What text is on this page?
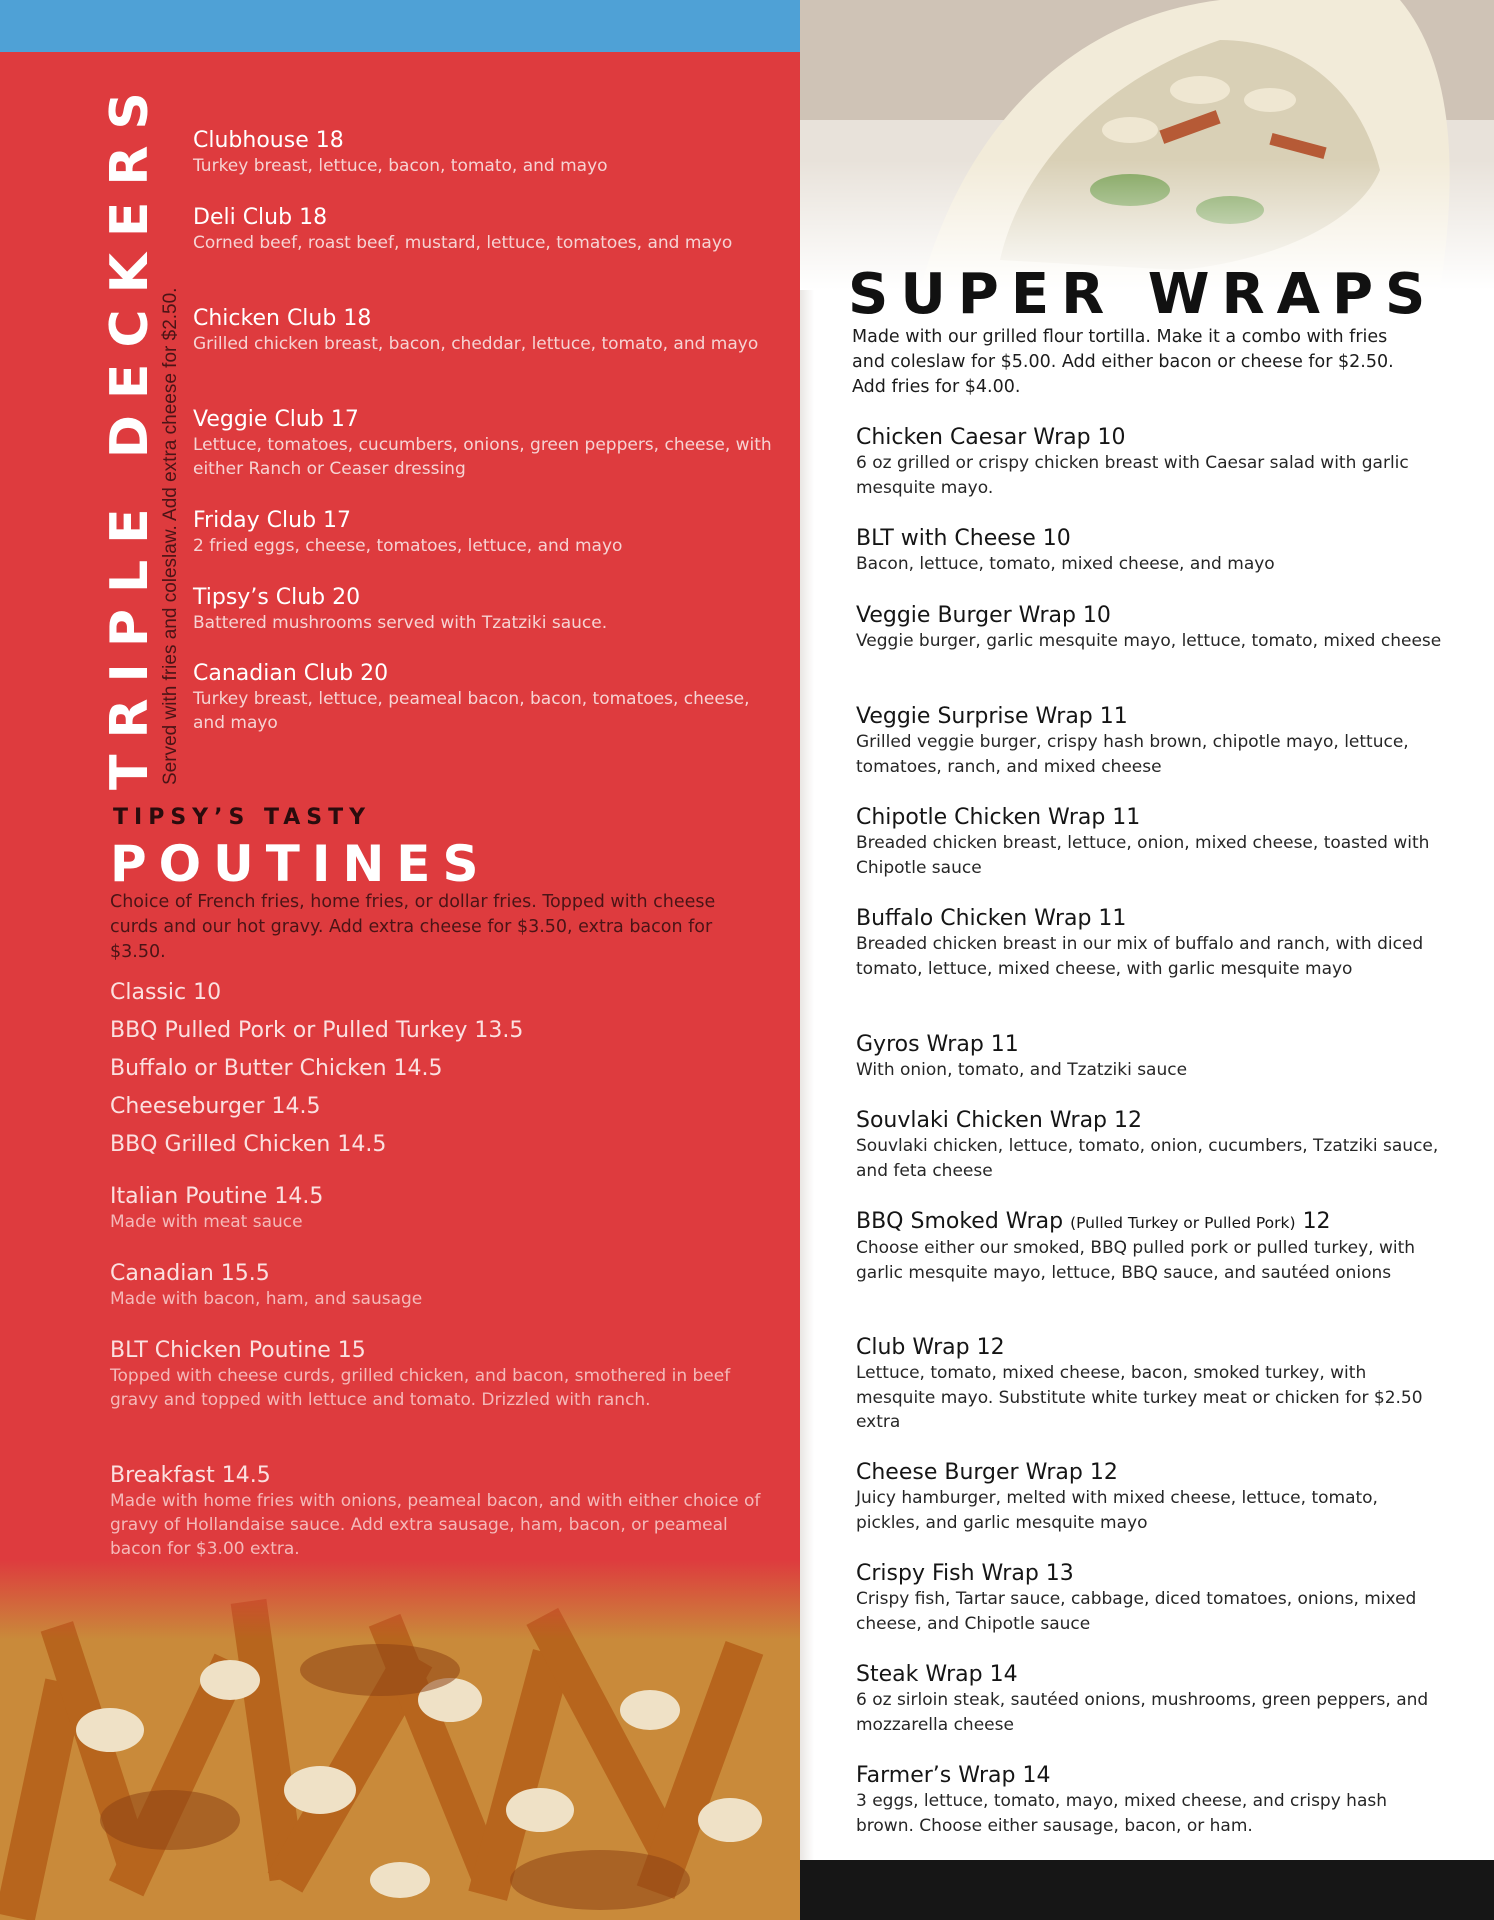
TRIPLE DECKERS Served with fries and coleslaw. Add extra cheese for $2.50.
Clubhouse 18
Turkey breast, lettuce, bacon, tomato, and mayo
Deli Club 18
Corned beef, roast beef, mustard, lettuce, tomatoes, and mayo
Chicken Club 18
Grilled chicken breast, bacon, cheddar, lettuce, tomato, and mayo
Veggie Club 17
Lettuce, tomatoes, cucumbers, onions, green peppers, cheese, with either Ranch or Ceaser dressing
Friday Club 17
2 fried eggs, cheese, tomatoes, lettuce, and mayo
Tipsy’s Club 20
Battered mushrooms served with Tzatziki sauce.
Canadian Club 20
Turkey breast, lettuce, peameal bacon, bacon, tomatoes, cheese, and mayo
TIPSY’S TASTY
POUTINES
Choice of French fries, home fries, or dollar fries. Topped with cheese curds and our hot gravy. Add extra cheese for $3.50, extra bacon for $3.50.
Classic 10
BBQ Pulled Pork or Pulled Turkey 13.5
Buffalo or Butter Chicken 14.5
Cheeseburger 14.5
BBQ Grilled Chicken 14.5
Italian Poutine 14.5
Made with meat sauce
Canadian 15.5
Made with bacon, ham, and sausage
BLT Chicken Poutine 15
Topped with cheese curds, grilled chicken, and bacon, smothered in beef gravy and topped with lettuce and tomato. Drizzled with ranch.
Breakfast 14.5
Made with home fries with onions, peameal bacon, and with either choice of gravy of Hollandaise sauce. Add extra sausage, ham, bacon, or peameal bacon for $3.00 extra.
SUPER WRAPS
Made with our grilled flour tortilla. Make it a combo with fries and coleslaw for $5.00. Add either bacon or cheese for $2.50. Add fries for $4.00.
Chicken Caesar Wrap 10
6 oz grilled or crispy chicken breast with Caesar salad with garlic mesquite mayo.
BLT with Cheese 10
Bacon, lettuce, tomato, mixed cheese, and mayo
Veggie Burger Wrap 10
Veggie burger, garlic mesquite mayo, lettuce, tomato, mixed cheese
Veggie Surprise Wrap 11
Grilled veggie burger, crispy hash brown, chipotle mayo, lettuce, tomatoes, ranch, and mixed cheese
Chipotle Chicken Wrap 11
Breaded chicken breast, lettuce, onion, mixed cheese, toasted with Chipotle sauce
Buffalo Chicken Wrap 11
Breaded chicken breast in our mix of buffalo and ranch, with diced tomato, lettuce, mixed cheese, with garlic mesquite mayo
Gyros Wrap 11
With onion, tomato, and Tzatziki sauce
Souvlaki Chicken Wrap 12
Souvlaki chicken, lettuce, tomato, onion, cucumbers, Tzatziki sauce, and feta cheese
BBQ Smoked Wrap (Pulled Turkey or Pulled Pork) 12
Choose either our smoked, BBQ pulled pork or pulled turkey, with garlic mesquite mayo, lettuce, BBQ sauce, and sautéed onions
Club Wrap 12
Lettuce, tomato, mixed cheese, bacon, smoked turkey, with mesquite mayo. Substitute white turkey meat or chicken for $2.50 extra
Cheese Burger Wrap 12
Juicy hamburger, melted with mixed cheese, lettuce, tomato, pickles, and garlic mesquite mayo
Crispy Fish Wrap 13
Crispy fish, Tartar sauce, cabbage, diced tomatoes, onions, mixed cheese, and Chipotle sauce
Steak Wrap 14
6 oz sirloin steak, sautéed onions, mushrooms, green peppers, and mozzarella cheese
Farmer’s Wrap 14
3 eggs, lettuce, tomato, mayo, mixed cheese, and crispy hash brown. Choose either sausage, bacon, or ham.
